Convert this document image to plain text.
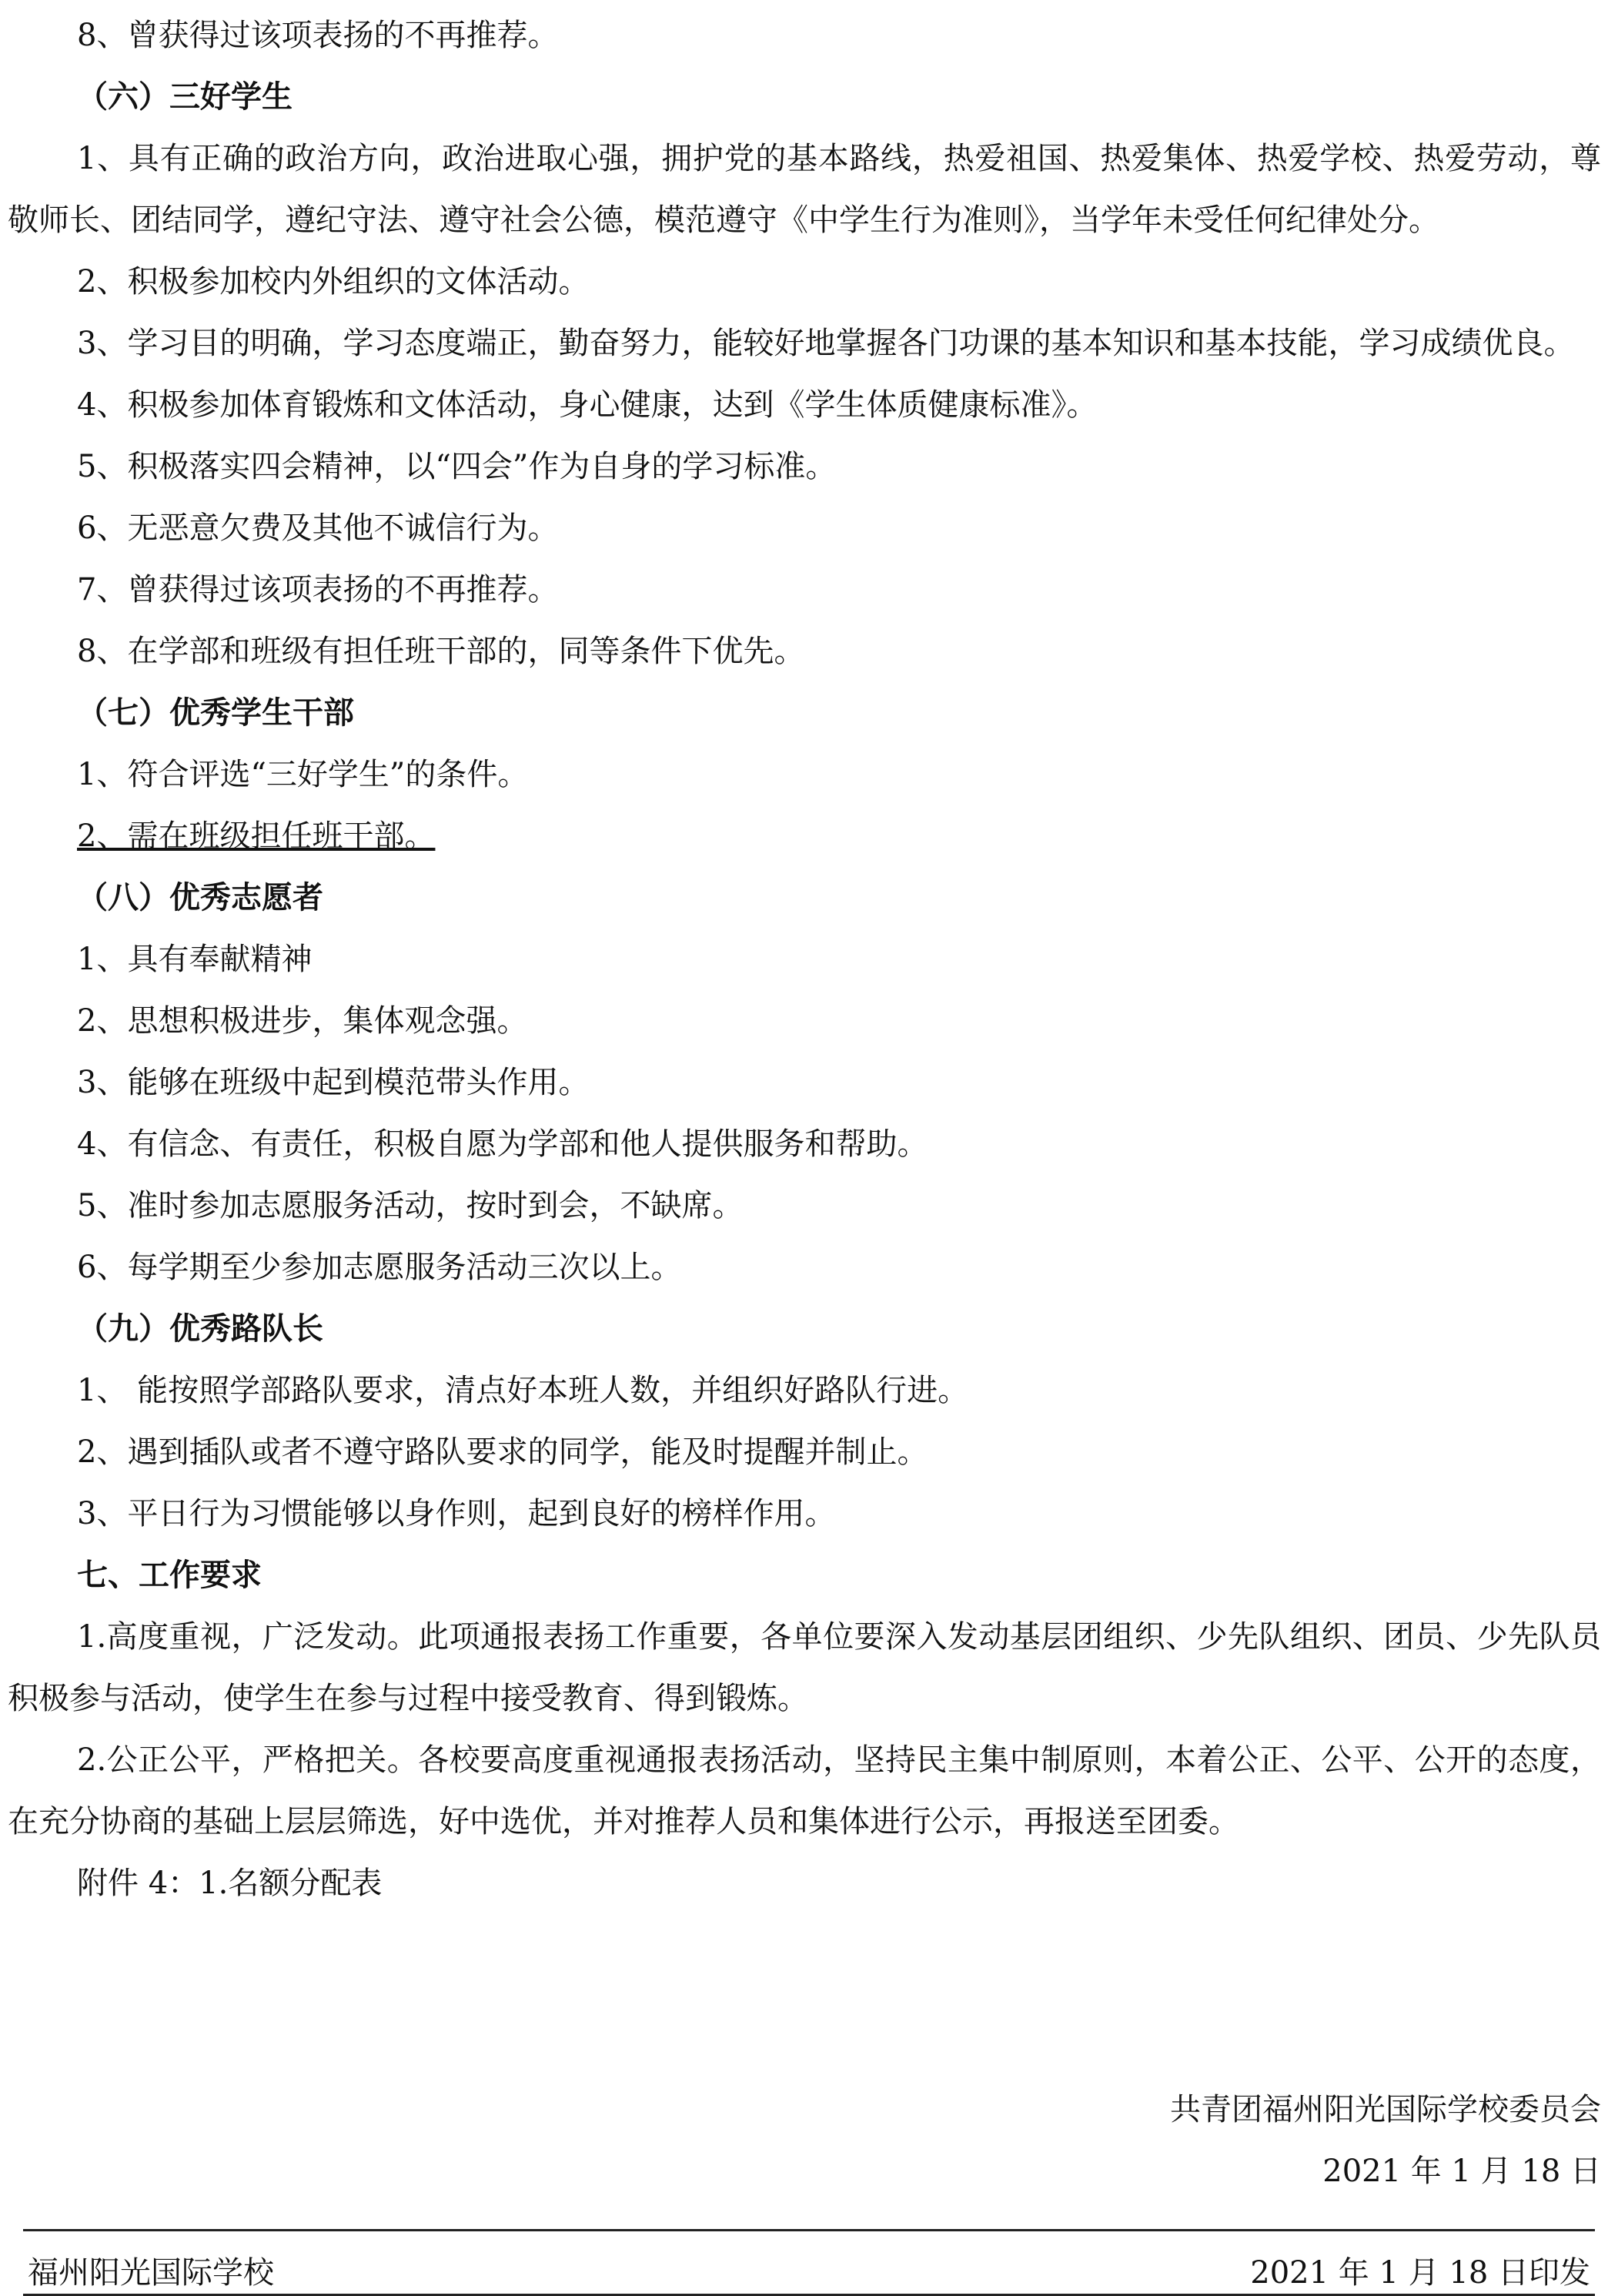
8、曾获得过该项表扬的不再推荐。
（六）三好学生
1、具有正确的政治方向，政治进取心强，拥护党的基本路线，热爱祖国、热爱集体、热爱学校、热爱劳动，尊敬师长、团结同学，遵纪守法、遵守社会公德，模范遵守《中学生行为准则》，当学年未受任何纪律处分。
2、积极参加校内外组织的文体活动。
3、学习目的明确，学习态度端正，勤奋努力，能较好地掌握各门功课的基本知识和基本技能，学习成绩优良。
4、积极参加体育锻炼和文体活动，身心健康，达到《学生体质健康标准》。
5、积极落实四会精神，以“四会”作为自身的学习标准。
6、无恶意欠费及其他不诚信行为。
7、曾获得过该项表扬的不再推荐。
8、在学部和班级有担任班干部的，同等条件下优先。
（七）优秀学生干部
1、符合评选“三好学生”的条件。
2、需在班级担任班干部。
（八）优秀志愿者
1、具有奉献精神
2、思想积极进步，集体观念强。
3、能够在班级中起到模范带头作用。
4、有信念、有责任，积极自愿为学部和他人提供服务和帮助。
5、准时参加志愿服务活动，按时到会，不缺席。
6、每学期至少参加志愿服务活动三次以上。
（九）优秀路队长
1、 能按照学部路队要求，清点好本班人数，并组织好路队行进。
2、遇到插队或者不遵守路队要求的同学，能及时提醒并制止。
3、平日行为习惯能够以身作则，起到良好的榜样作用。
七、工作要求
1.高度重视，广泛发动。此项通报表扬工作重要，各单位要深入发动基层团组织、少先队组织、团员、少先队员积极参与活动，使学生在参与过程中接受教育、得到锻炼。
2.公正公平，严格把关。各校要高度重视通报表扬活动，坚持民主集中制原则，本着公正、公平、公开的态度，在充分协商的基础上层层筛选，好中选优，并对推荐人员和集体进行公示，再报送至团委。
附件 4：1.名额分配表
共青团福州阳光国际学校委员会
2021 年 1 月 18 日
福州阳光国际学校	2021 年 1 月 18 日印发
